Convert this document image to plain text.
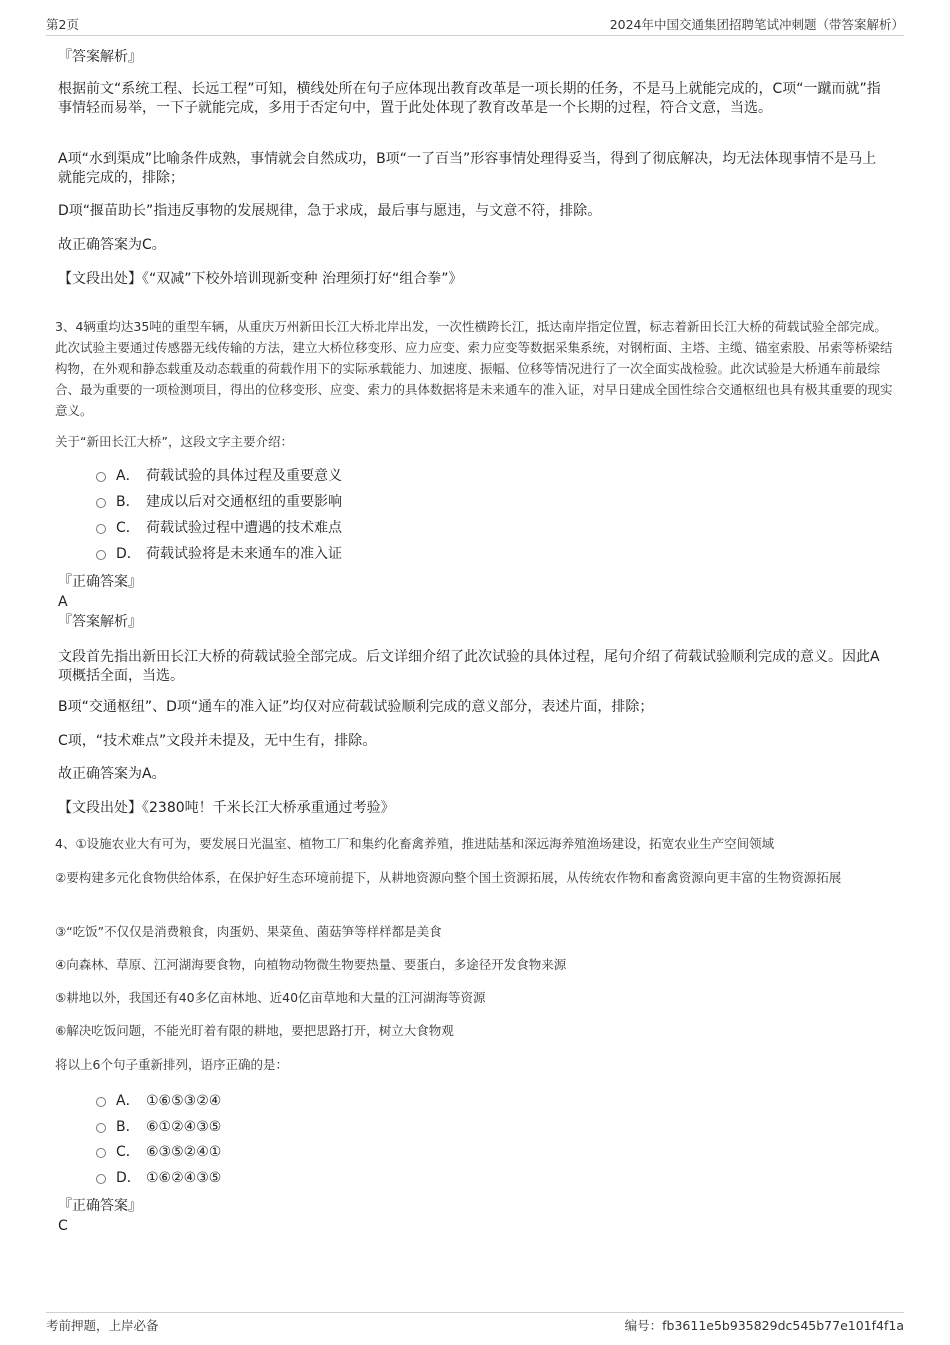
第2页	2024年中国交通集团招聘笔试冲刺题（带答案解析）

『答案解析』

根据前文“系统工程、长远工程”可知，横线处所在句子应体现出教育改革是一项长期的任务，不是马上就能完成的，C项“一蹴而就”指事情轻而易举，一下子就能完成，多用于否定句中，置于此处体现了教育改革是一个长期的过程，符合文意，当选。

A项“水到渠成”比喻条件成熟，事情就会自然成功，B项“一了百当”形容事情处理得妥当，得到了彻底解决，均无法体现事情不是马上就能完成的，排除；

D项“揠苗助长”指违反事物的发展规律，急于求成，最后事与愿违，与文意不符，排除。

故正确答案为C。

【文段出处】《“双减”下校外培训现新变种 治理须打好“组合拳”》

3、4辆重均达35吨的重型车辆，从重庆万州新田长江大桥北岸出发，一次性横跨长江，抵达南岸指定位置，标志着新田长江大桥的荷载试验全部完成。此次试验主要通过传感器无线传输的方法，建立大桥位移变形、应力应变、索力应变等数据采集系统，对钢桁面、主塔、主缆、锚室索股、吊索等桥梁结构物，在外观和静态载重及动态载重的荷载作用下的实际承载能力、加速度、振幅、位移等情况进行了一次全面实战检验。此次试验是大桥通车前最综合、最为重要的一项检测项目，得出的位移变形、应变、索力的具体数据将是未来通车的准入证，对早日建成全国性综合交通枢纽也具有极其重要的现实意义。

关于“新田长江大桥”，这段文字主要介绍：

A． 荷载试验的具体过程及重要意义
B． 建成以后对交通枢纽的重要影响
C． 荷载试验过程中遭遇的技术难点
D． 荷载试验将是未来通车的准入证

『正确答案』

A

『答案解析』

文段首先指出新田长江大桥的荷载试验全部完成。后文详细介绍了此次试验的具体过程，尾句介绍了荷载试验顺利完成的意义。因此A项概括全面，当选。

B项“交通枢纽”、D项“通车的准入证”均仅对应荷载试验顺利完成的意义部分，表述片面，排除；

C项，“技术难点”文段并未提及，无中生有，排除。

故正确答案为A。

【文段出处】《2380吨！千米长江大桥承重通过考验》

4、①设施农业大有可为，要发展日光温室、植物工厂和集约化畜禽养殖，推进陆基和深远海养殖渔场建设，拓宽农业生产空间领域

②要构建多元化食物供给体系，在保护好生态环境前提下，从耕地资源向整个国土资源拓展，从传统农作物和畜禽资源向更丰富的生物资源拓展

③“吃饭”不仅仅是消费粮食，肉蛋奶、果菜鱼、菌菇笋等样样都是美食

④向森林、草原、江河湖海要食物，向植物动物微生物要热量、要蛋白，多途径开发食物来源

⑤耕地以外，我国还有40多亿亩林地、近40亿亩草地和大量的江河湖海等资源

⑥解决吃饭问题，不能光盯着有限的耕地，要把思路打开，树立大食物观

将以上6个句子重新排列，语序正确的是：

A． ①⑥⑤③②④
B． ⑥①②④③⑤
C． ⑥③⑤②④①
D． ①⑥②④③⑤

『正确答案』

C

考前押题，上岸必备	编号：fb3611e5b935829dc545b77e101f4f1a
